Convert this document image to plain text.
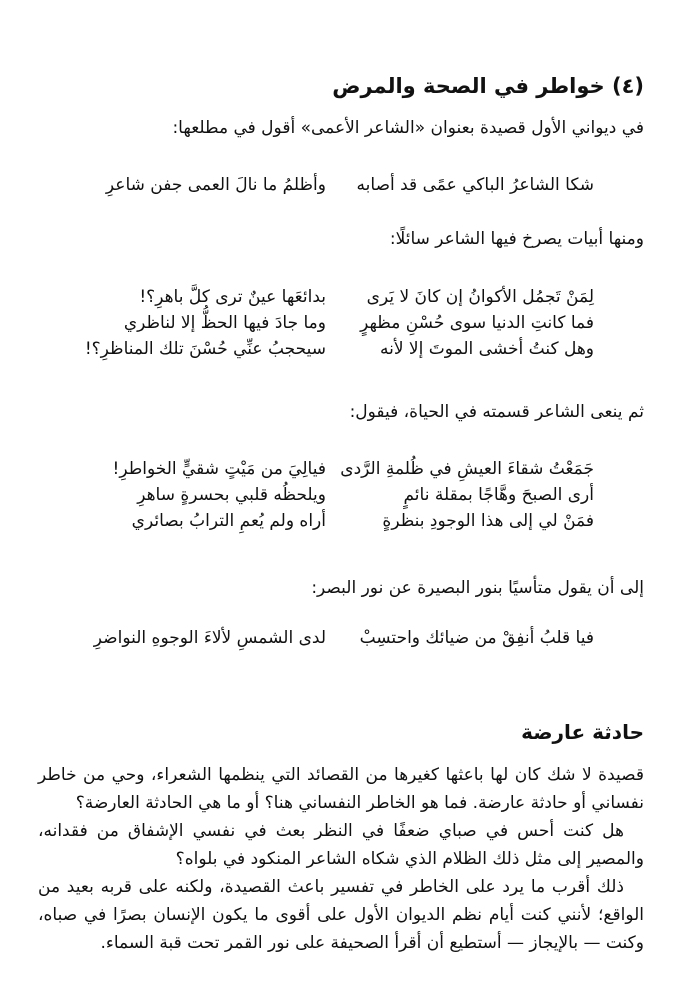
(٤) خواطر في الصحة والمرض
في ديواني الأول قصيدة بعنوان «الشاعر الأعمى» أقول في مطلعها:
شكا الشاعرُ الباكي عمًى قد أصابه
وأظلمُ ما نالَ العمى جفن شاعرِ
ومنها أبيات يصرخ فيها الشاعر سائلًا:
لِمَنْ تَجمُل الأكوانُ إن كانَ لا يَرى
بدائعَها عينٌ ترى كلَّ باهرِ؟!
فما كانتِ الدنيا سوى حُسْنِ مظهرٍ
وما جادَ فيها الحظُّ إلا لناظري
وهل كنتُ أخشى الموتَ إلا لأنه
سيحجبُ عنِّي حُسْنَ تلك المناظرِ؟!
ثم ينعى الشاعر قسمته في الحياة، فيقول:
جَمَعْتُ شقاءَ العيشِ في ظُلمةِ الرَّدى
فيالِيَ من مَيْتٍ شقيٍّ الخواطرِ!
أرى الصبحَ وهَّاجًا بمقلة نائمٍ
ويلحظُه قلبي بحسرةٍ ساهرِ
فمَنْ لي إلى هذا الوجودِ بنظرةٍ
أراه ولم يُعمِ الترابُ بصائري
إلى أن يقول متأسيًا بنور البصيرة عن نور البصر:
فيا قلبُ أنفِقْ من ضيائك واحتسِبْ
لدى الشمسِ لألاءَ الوجوهِ النواضرِ
حادثة عارضة

قصيدة لا شك كان لها باعثها كغيرها من القصائد التي ينظمها الشعراء، وحي من خاطر نفساني أو حادثة عارضة. فما هو الخاطر النفساني هنا؟ أو ما هي الحادثة العارضة؟

هل كنت أحس في صباي ضعفًا في النظر بعث في نفسي الإشفاق من فقدانه، والمصير إلى مثل ذلك الظلام الذي شكاه الشاعر المنكود في بلواه؟

ذلك أقرب ما يرد على الخاطر في تفسير باعث القصيدة، ولكنه على قربه بعيد من الواقع؛ لأنني كنت أيام نظم الديوان الأول على أقوى ما يكون الإنسان بصرًا في صباه، وكنت — بالإيجاز — أستطيع أن أقرأ الصحيفة على نور القمر تحت قبة السماء.
